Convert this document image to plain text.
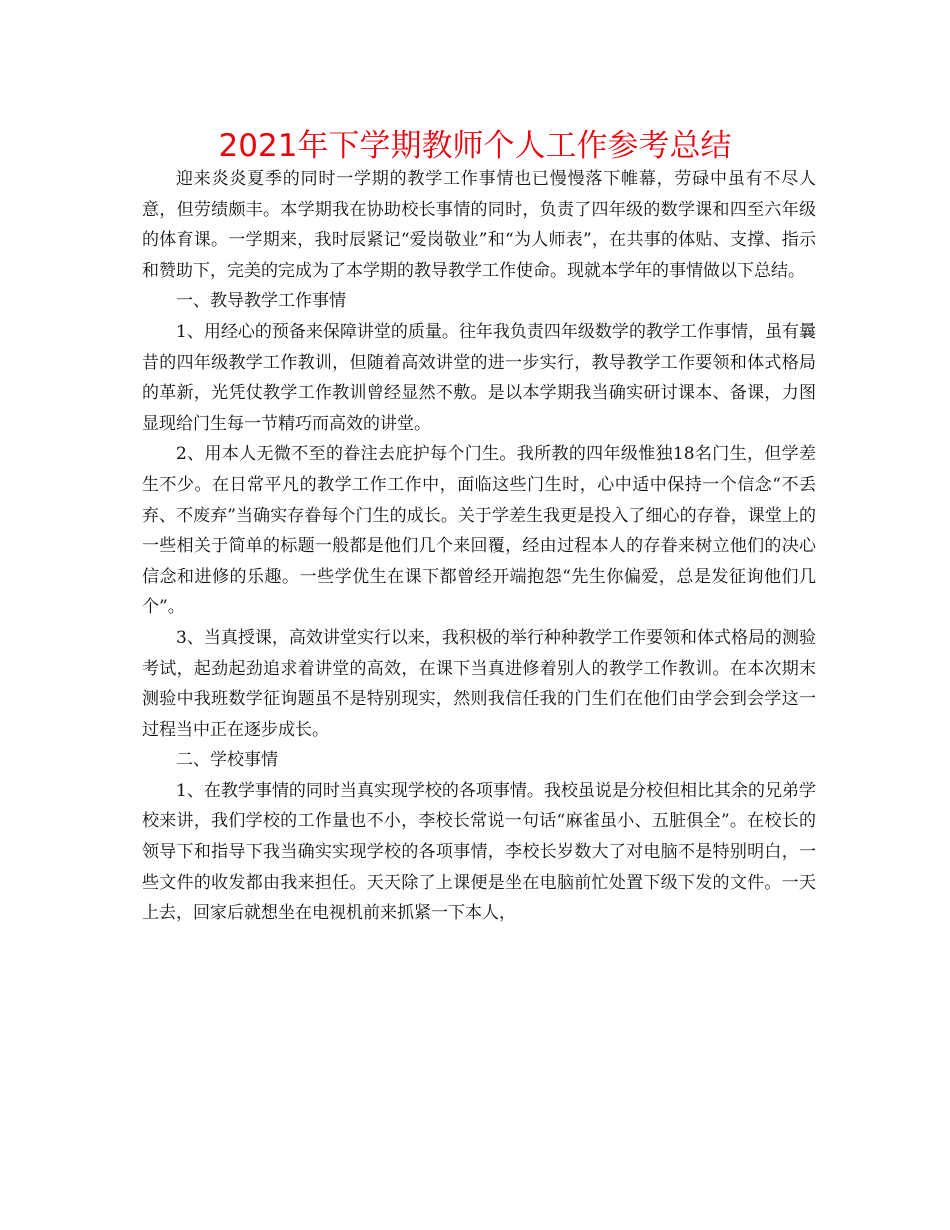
2021年下学期教师个人工作参考总结

迎来炎炎夏季的同时一学期的教学工作事情也已慢慢落下帷幕，劳碌中虽有不尽人意，但劳绩颇丰。本学期我在协助校长事情的同时，负责了四年级的数学课和四至六年级的体育课。一学期来，我时辰紧记“爱岗敬业”和“为人师表”，在共事的体贴、支撑、指示和赞助下，完美的完成为了本学期的教导教学工作使命。现就本学年的事情做以下总结。

一、教导教学工作事情

1、用经心的预备来保障讲堂的质量。往年我负责四年级数学的教学工作事情，虽有曩昔的四年级教学工作教训，但随着高效讲堂的进一步实行，教导教学工作要领和体式格局的革新，光凭仗教学工作教训曾经显然不敷。是以本学期我当确实研讨课本、备课，力图显现给门生每一节精巧而高效的讲堂。

2、用本人无微不至的眷注去庇护每个门生。我所教的四年级惟独18名门生，但学差生不少。在日常平凡的教学工作工作中，面临这些门生时，心中适中保持一个信念“不丢弃、不废弃”当确实存眷每个门生的成长。关于学差生我更是投入了细心的存眷，课堂上的一些相关于简单的标题一般都是他们几个来回覆，经由过程本人的存眷来树立他们的决心信念和进修的乐趣。一些学优生在课下都曾经开端抱怨“先生你偏爱，总是发征询他们几个”。

3、当真授课，高效讲堂实行以来，我积极的举行种种教学工作要领和体式格局的测验考试，起劲起劲追求着讲堂的高效，在课下当真进修着别人的教学工作教训。在本次期末测验中我班数学征询题虽不是特别现实，然则我信任我的门生们在他们由学会到会学这一过程当中正在逐步成长。

二、学校事情

1、在教学事情的同时当真实现学校的各项事情。我校虽说是分校但相比其余的兄弟学校来讲，我们学校的工作量也不小，李校长常说一句话“麻雀虽小、五脏俱全”。在校长的领导下和指导下我当确实实现学校的各项事情，李校长岁数大了对电脑不是特别明白，一些文件的收发都由我来担任。天天除了上课便是坐在电脑前忙处置下级下发的文件。一天上去，回家后就想坐在电视机前来抓紧一下本人，
